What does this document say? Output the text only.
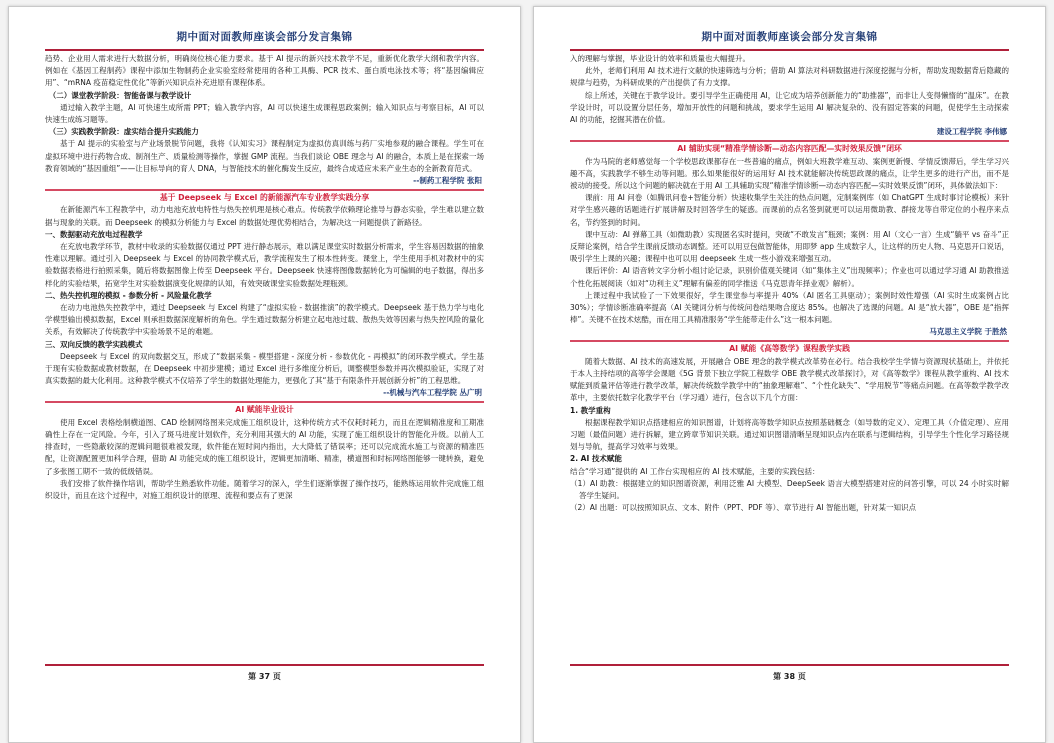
期中面对面教师座谈会部分发言集锦
趋势、企业用人需求进行大数据分析，明确岗位核心能力要求。基于 AI 提示的新兴技术教学不足，重新优化教学大纲和教学内容。例如在《基因工程制药》课程中添加生物制药企业实验室经常使用的各种工具酶、PCR 技术、蛋白质电泳技术等；将“基因编辑应用”、“mRNA 疫苗稳定性优化”等新兴知识点补充进原有课程体系。
（二）课堂教学阶段：智能备课与教学设计
通过输入教学主题，AI 可快速生成所需 PPT；输入教学内容，AI 可以快速生成课程思政案例；输入知识点与考察目标，AI 可以快速生成练习题等。
（三）实践教学阶段：虚实结合提升实践能力
基于 AI 提示的实验室与产业场景脱节问题，我将《认知实习》课程制定为虚拟仿真训练与药厂实地参观的融合课程。学生可在虚拟环境中进行药物合成、制剂生产、质量检测等操作，掌握 GMP 流程。当我们谈论 OBE 理念与 AI 的融合，本质上是在探索一场教育领域的“基因重组”——让目标导向的育人 DNA，与智能技术的催化酶发生反应，最终合成适应未来产业生态的全新教育范式。
--制药工程学院 张阳
基于 Deepseek 与 Excel 的新能源汽车专业教学实践分享
在新能源汽车工程教学中，动力电池充放电特性与热失控机理是核心难点。传统教学依赖理论推导与静态实验，学生难以建立数据与现象的关联。而 Deepseek 的模拟分析能力与 Excel 的数据处理优势相结合，为解决这一问题提供了新路径。
一、数据驱动充放电过程教学
在充放电教学环节，教材中收录的实验数据仅通过 PPT 进行静态展示，难以满足课堂实时数据分析需求，学生容易因数据的抽象性难以理解。通过引入 Deepseek 与 Excel 的协同教学模式后，教学流程发生了根本性转变。课堂上，学生使用手机对教材中的实验数据表格进行拍照采集，随后将数据图像上传至 Deepseek 平台。Deepseek 快速将图像数据转化为可编辑的电子数据，得出多样化的实验结果，拓宽学生对实验数据演变化规律的认知，有效突破课堂实验数据处理瓶颈。
二、热失控机理的模拟 - 参数分析 - 风险量化教学
在动力电池热失控教学中，通过 Deepseek 与 Excel 构建了“虚拟实验 - 数据推演”的教学模式。Deepseek 基于热力学与电化学模型输出模拟数据，Excel 则承担数据深度解析的角色。学生通过数据分析建立起电池过载、散热失效等因素与热失控风险的量化关系，有效解决了传统教学中实验场景不足的难题。
三、双向反馈的教学实践模式
Deepseek 与 Excel 的双向数据交互，形成了“数据采集 - 模型搭建 - 深度分析 - 参数优化 - 再模拟”的闭环教学模式。学生基于现有实验数据或教材数据，在 Deepseek 中初步建模；通过 Excel 进行多维度分析后，调整模型参数并再次模拟验证，实现了对真实数据的最大化利用。这种教学模式不仅培养了学生的数据处理能力，更强化了其“基于有限条件开展创新分析”的工程思维。
--机械与汽车工程学院 丛广明
AI 赋能毕业设计
使用 Excel 表格绘制横道图、CAD 绘制网络图来完成施工组织设计，这种传统方式不仅耗时耗力，而且在逻辑精准度和工期准确性上存在一定风险。今年，引入了斑马进度计划软件，充分利用其强大的 AI 功能，实现了施工组织设计的智能化升级。以前人工排查时，一些隐蔽较深的逻辑问题很难被发现，软件能在短时间内指出，大大降低了错误率；还可以完成流水施工与资源的精准匹配，让资源配置更加科学合理，借助 AI 功能完成的施工组织设计，逻辑更加清晰、精准，横道图和时标网络图能够一键转换，避免了多张图工期不一致的低级错误。
我们安排了软件操作培训，帮助学生熟悉软件功能。随着学习的深入，学生们逐渐掌握了操作技巧，能熟练运用软件完成施工组织设计，而且在这个过程中，对施工组织设计的原理、流程和要点有了更深
第 37 页
期中面对面教师座谈会部分发言集锦
入的理解与掌握，毕业设计的效率和质量也大幅提升。
此外，老师们利用 AI 技术进行文献的快速筛选与分析；借助 AI 算法对科研数据进行深度挖掘与分析，帮助发现数据背后隐藏的规律与趋势，为科研成果的产出提供了有力支撑。
综上所述，关键在于教学设计。要引导学生正确使用 AI，让它成为培养创新能力的“助推器”，而非让人变得懒惰的“温床”。在教学设计时，可以设置分层任务，增加开放性的问题和挑战，要求学生运用 AI 解决复杂的、没有固定答案的问题，促使学生主动探索 AI 的功能，挖掘其潜在价值。
建设工程学院 李伟娜
AI 辅助实现“精准学情诊断—动态内容匹配—实时效果反馈”闭环
作为马院的老师感觉每一个学校思政课都存在一些普遍的痛点，例如大班教学难互动、案例更新慢、学情反馈滞后，学生学习兴趣不高，实践教学不够生动等问题。那么如果能很好的运用好 AI 技术就能解决传统思政课的痛点，让学生更多的进行产出，而不是被动的接受。所以这个问题的解决就在于用 AI 工具辅助实现“精准学情诊断—动态内容匹配—实时效果反馈”闭环，具体做法如下：
课前：用 AI 问卷（如腾讯问卷+智能分析）快速收集学生关注的热点问题，定制案例库（如 ChatGPT 生成时事讨论模板）来针对学生感兴趣的话题进行扩展讲解及时回答学生的疑惑。而课前的点名签到就更可以运用微助教、群接龙等自带定位的小程序来点名，节约签到的时间。
课中互动：AI 弹幕工具（如微助教）实现匿名实时提问，突破“不敢发言”瓶颈；案例：用 AI（文心一言）生成“躺平 vs 奋斗”正反辩论案例，结合学生课前反馈动态调整。还可以用豆包做智能体，用即梦 app 生成数字人，让这样的历史人物、马克思开口说话，吸引学生上课的兴趣；课程中也可以用 deepseek 生成一些小游戏来增强互动。
课后评价：AI 语音转文字分析小组讨论记录，识别价值观关键词（如“集体主义”出现频率）；作业也可以通过学习通 AI 助教推送个性化拓展阅读（如对“功利主义”理解有偏差的同学推送《马克思青年择业观》解析）。
上课过程中我试验了一下效果很好，学生课堂参与率提升 40%（AI 匿名工具驱动）；案例时效性增强（AI 实时生成案例占比 30%）；学情诊断准确率提高（AI 关键词分析与传统问卷结果吻合度达 85%。也解决了选课的问题。AI 是“放大器”，OBE 是“指挥棒”。关键不在技术炫酷，而在用工具精准服务“学生能带走什么”这一根本问题。
马克思主义学院 于胜然
AI 赋能《高等数学》课程教学实践
随着大数据、AI 技术的高速发展，开展融合 OBE 理念的教学模式改革势在必行。结合我校学生学情与资源现状基础上，并依托于本人主持结项的高等学会课题《5G 背景下独立学院工程数学 OBE 教学模式改革探讨》，对《高等数学》课程从教学重构、AI 技术赋能到质量评估等进行教学改革，解决传统数学教学中的“抽象理解难”、“个性化缺失”、“学用脱节”等痛点问题。在高等数学教学改革中，主要依托数字化教学平台（学习通）进行，包含以下几个方面：
1. 教学重构
根据课程教学知识点搭建相应的知识图谱，计划将高等数学知识点按照基础概念（如导数的定义）、定理工具（介值定理）、应用习题（最值问题）进行拆解，建立跨章节知识关联。通过知识图谱清晰呈现知识点内在联系与逻辑结构，引导学生个性化学习路径规划与导航，提高学习效率与效果。
2. AI 技术赋能
结合“学习通”提供的 AI 工作台实现相应的 AI 技术赋能，主要的实践包括：
（1）AI 助教：根据建立的知识图谱资源，利用泛雅 AI 大模型、DeepSeek 语言大模型搭建对应的问答引擎，可以 24 小时实时解答学生疑问。
（2）AI 出题：可以按照知识点、文本、附件（PPT、PDF 等）、章节进行 AI 智能出题，针对某一知识点
第 38 页
